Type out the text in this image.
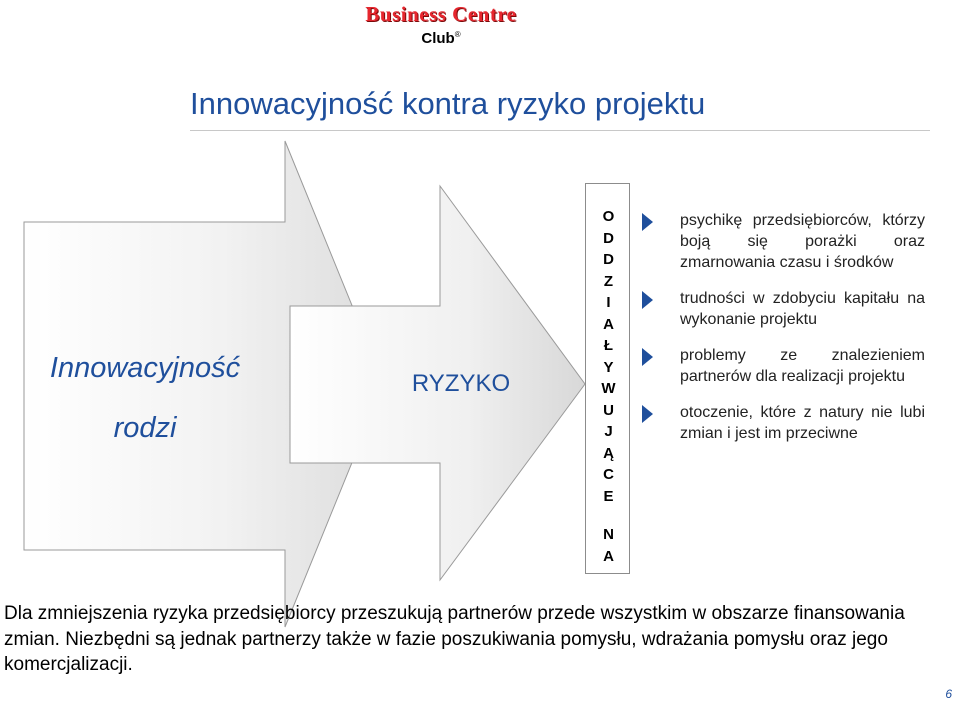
Business Centre
Club®
Innowacyjność kontra ryzyko projektu
Innowacyjność
rodzi
RYZYKO
O
D
D
Z
I
A
Ł
Y
W
U
J
Ą
C
E
N
A
psychikę przedsiębiorców, którzy boją się porażki oraz zmarnowania czasu i środków
trudności w zdobyciu kapitału na wykonanie projektu
problemy ze znalezieniem partnerów dla realizacji projektu
otoczenie, które z natury nie lubi zmian i jest im przeciwne
Dla zmniejszenia ryzyka przedsiębiorcy przeszukują partnerów przede wszystkim w obszarze finansowania zmian. Niezbędni są jednak partnerzy także w fazie poszukiwania pomysłu, wdrażania pomysłu oraz jego komercjalizacji.
6
